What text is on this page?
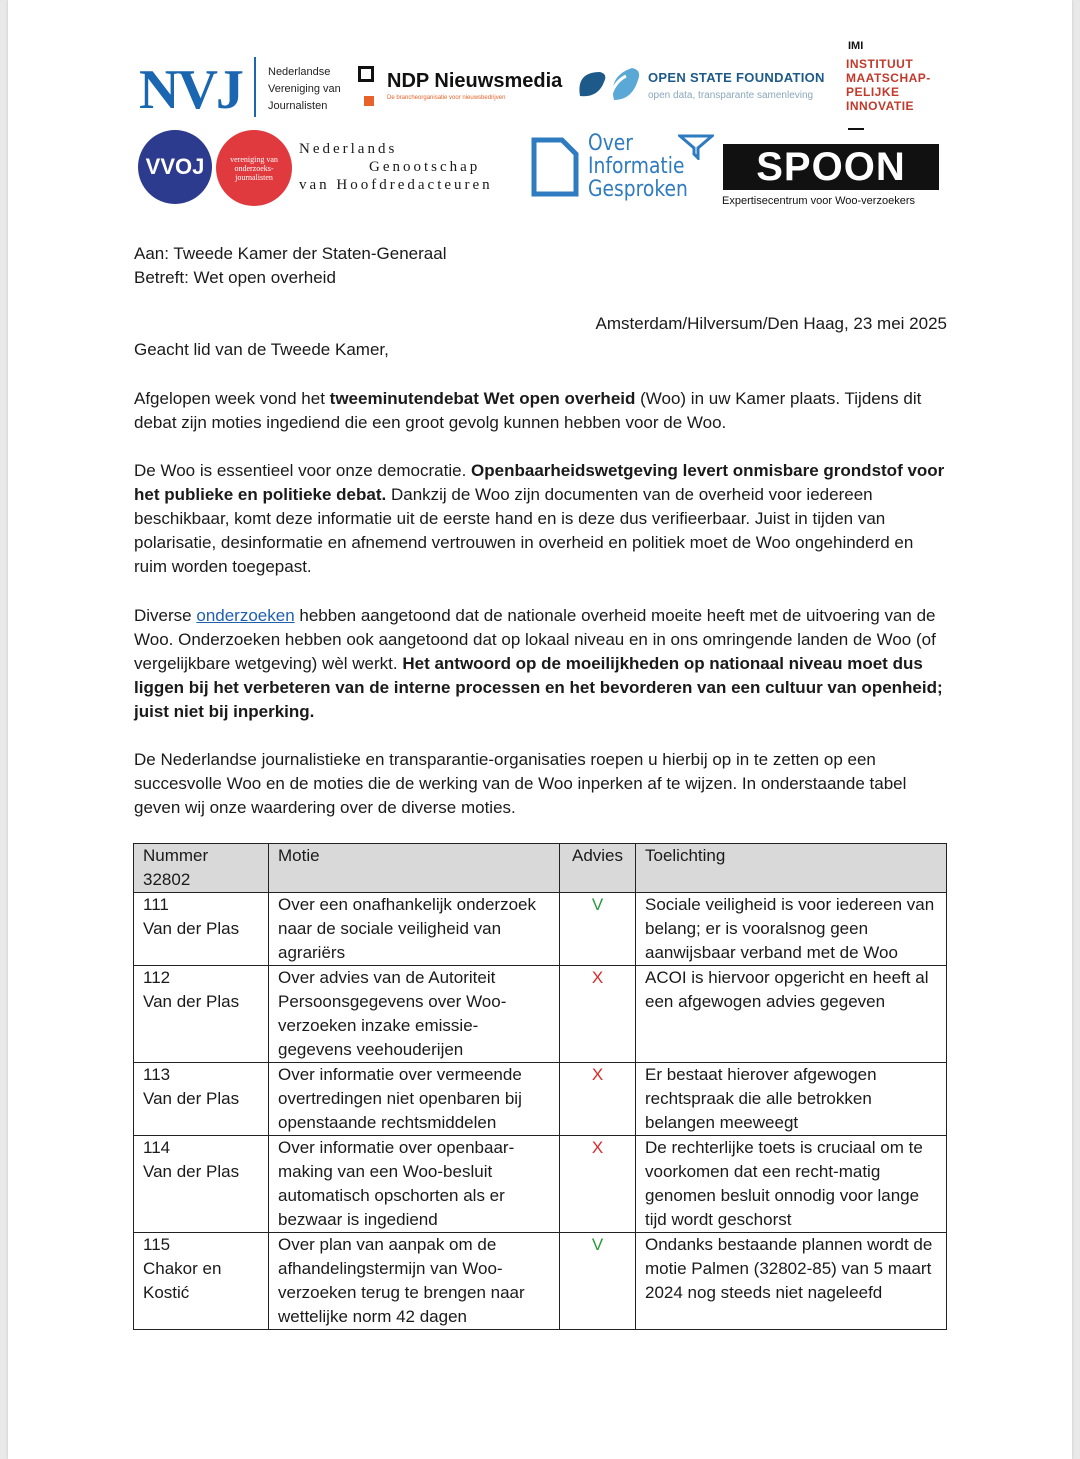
NVJ Nederlandse
Vereniging van
Journalisten
NDP Nieuwsmedia
De brancheorganisatie voor nieuwsbedrijven
OPEN STATE FOUNDATION
open data, transparante samenleving
IMI
INSTITUUT
MAATSCHAP-
PELIJKE
INNOVATIE
VVOJ	vereniging van onderzoeks-journalisten
Nederlands
Genootschap
van Hoofdredacteuren
Over
Informatie
Gesproken
SPOON
Expertisecentrum voor Woo-verzoekers

Aan: Tweede Kamer der Staten-Generaal

Betreft: Wet open overheid

Amsterdam/Hilversum/Den Haag, 23 mei 2025

Geacht lid van de Tweede Kamer,

Afgelopen week vond het tweeminutendebat Wet open overheid (Woo) in uw Kamer plaats. Tijdens dit debat zijn moties ingediend die een groot gevolg kunnen hebben voor de Woo.

De Woo is essentieel voor onze democratie. Openbaarheidswetgeving levert onmisbare grondstof voor het publieke en politieke debat. Dankzij de Woo zijn documenten van de overheid voor iedereen beschikbaar, komt deze informatie uit de eerste hand en is deze dus verifieerbaar. Juist in tijden van polarisatie, desinformatie en afnemend vertrouwen in overheid en politiek moet de Woo ongehinderd en ruim worden toegepast.

Diverse onderzoeken hebben aangetoond dat de nationale overheid moeite heeft met de uitvoering van de Woo. Onderzoeken hebben ook aangetoond dat op lokaal niveau en in ons omringende landen de Woo (of vergelijkbare wetgeving) wèl werkt. Het antwoord op de moeilijkheden op nationaal niveau moet dus liggen bij het verbeteren van de interne processen en het bevorderen van een cultuur van openheid; juist niet bij inperking.

De Nederlandse journalistieke en transparantie-organisaties roepen u hierbij op in te zetten op een succesvolle Woo en de moties die de werking van de Woo inperken af te wijzen. In onderstaande tabel geven wij onze waardering over de diverse moties.

Nummer
32802	Motie	Advies	Toelichting
111
Van der Plas	Over een onafhankelijk onderzoek naar de sociale veiligheid van agrariërs	V	Sociale veiligheid is voor iedereen van belang; er is vooralsnog geen aanwijsbaar verband met de Woo
112
Van der Plas	Over advies van de Autoriteit Persoonsgegevens over Woo-verzoeken inzake emissie-gegevens veehouderijen	X	ACOI is hiervoor opgericht en heeft al een afgewogen advies gegeven
113
Van der Plas	Over informatie over vermeende overtredingen niet openbaren bij openstaande rechtsmiddelen	X	Er bestaat hierover afgewogen rechtspraak die alle betrokken belangen meeweegt
114
Van der Plas	Over informatie over openbaar-making van een Woo-besluit automatisch opschorten als er bezwaar is ingediend	X	De rechterlijke toets is cruciaal om te voorkomen dat een recht-matig genomen besluit onnodig voor lange tijd wordt geschorst
115
Chakor en Kostić	Over plan van aanpak om de afhandelingstermijn van Woo-verzoeken terug te brengen naar wettelijke norm 42 dagen	V	Ondanks bestaande plannen wordt de motie Palmen (32802-85) van 5 maart 2024 nog steeds niet nageleefd
